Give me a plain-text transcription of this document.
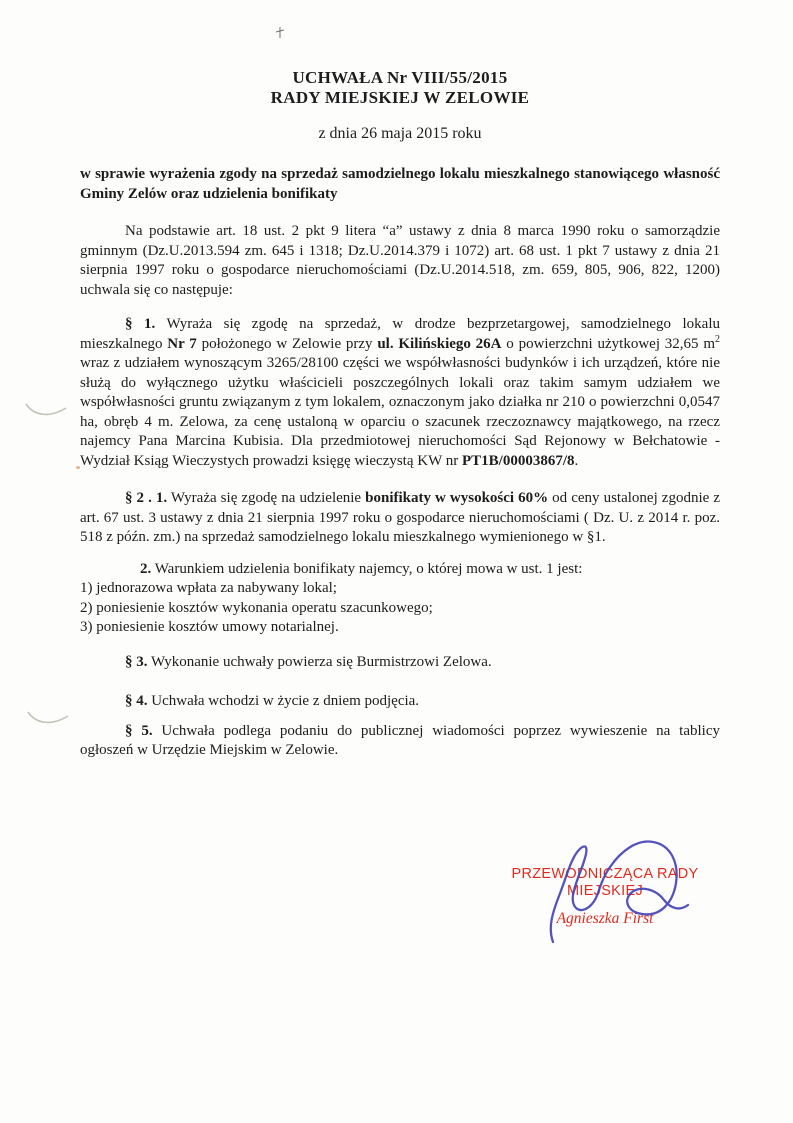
UCHWAŁA Nr VIII/55/2015
RADY MIEJSKIEJ W ZELOWIE
z dnia 26 maja 2015 roku
w sprawie wyrażenia zgody na sprzedaż samodzielnego lokalu mieszkalnego stanowiącego własność Gminy Zelów oraz udzielenia bonifikaty

Na podstawie art. 18 ust. 2 pkt 9 litera “a” ustawy z dnia 8 marca 1990 roku o samorządzie gminnym (Dz.U.2013.594 zm. 645 i 1318; Dz.U.2014.379 i 1072) art. 68 ust. 1 pkt 7 ustawy z dnia 21 sierpnia 1997 roku o gospodarce nieruchomościami (Dz.U.2014.518, zm. 659, 805, 906, 822, 1200) uchwala się co następuje:

§ 1. Wyraża się zgodę na sprzedaż, w drodze bezprzetargowej, samodzielnego lokalu mieszkalnego Nr 7 położonego w Zelowie przy ul. Kilińskiego 26A o powierzchni użytkowej 32,65 $m^2$ wraz z udziałem wynoszącym 3265/28100 części we współwłasności budynków i ich urządzeń, które nie służą do wyłącznego użytku właścicieli poszczególnych lokali oraz takim samym udziałem we współwłasności gruntu związanym z tym lokalem, oznaczonym jako działka nr 210 o powierzchni 0,0547 ha, obręb 4 m. Zelowa, za cenę ustaloną w oparciu o szacunek rzeczoznawcy majątkowego, na rzecz najemcy Pana Marcina Kubisia. Dla przedmiotowej nieruchomości Sąd Rejonowy w Bełchatowie - Wydział Ksiąg Wieczystych prowadzi księgę wieczystą KW nr PT1B/00003867/8.

§ 2 . 1. Wyraża się zgodę na udzielenie bonifikaty w wysokości 60% od ceny ustalonej zgodnie z art. 67 ust. 3 ustawy z dnia 21 sierpnia 1997 roku o gospodarce nieruchomościami ( Dz. U. z 2014 r. poz. 518 z późn. zm.) na sprzedaż samodzielnego lokalu mieszkalnego wymienionego w §1.

2. Warunkiem udzielenia bonifikaty najemcy, o której mowa w ust. 1 jest:

1) jednorazowa wpłata za nabywany lokal;
2) poniesienie kosztów wykonania operatu szacunkowego;
3) poniesienie kosztów umowy notarialnej.

§ 3. Wykonanie uchwały powierza się Burmistrzowi Zelowa.

§ 4. Uchwała wchodzi w życie z dniem podjęcia.

§ 5. Uchwała podlega podaniu do publicznej wiadomości poprzez wywieszenie na tablicy ogłoszeń w Urzędzie Miejskim w Zelowie.

PRZEWODNICZĄCA RADY
MIEJSKIEJ
Agnieszka First
